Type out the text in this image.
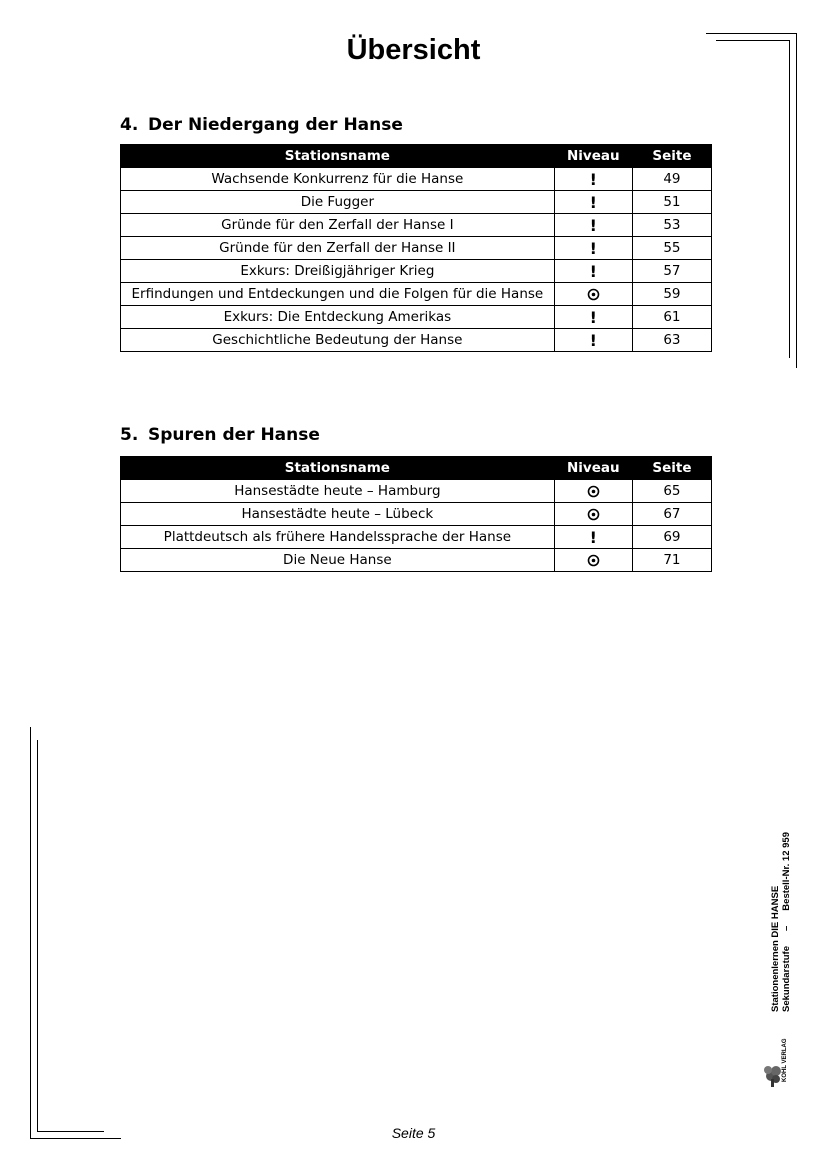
Übersicht
4. Der Niedergang der Hanse
Stationsname	Niveau	Seite
Wachsende Konkurrenz für die Hanse	!	49
Die Fugger	!	51
Gründe für den Zerfall der Hanse I	!	53
Gründe für den Zerfall der Hanse II	!	55
Exkurs: Dreißigjähriger Krieg	!	57
Erfindungen und Entdeckungen und die Folgen für die Hanse		59
Exkurs: Die Entdeckung Amerikas	!	61
Geschichtliche Bedeutung der Hanse	!	63
5. Spuren der Hanse
Stationsname	Niveau	Seite
Hansestädte heute – Hamburg		65
Hansestädte heute – Lübeck		67
Plattdeutsch als frühere Handelssprache der Hanse	!	69
Die Neue Hanse		71
Stationenlernen DIE HANSE Sekundarstufe
–
Bestell-Nr. 12 959
KOHL VERLAG
Seite 5
